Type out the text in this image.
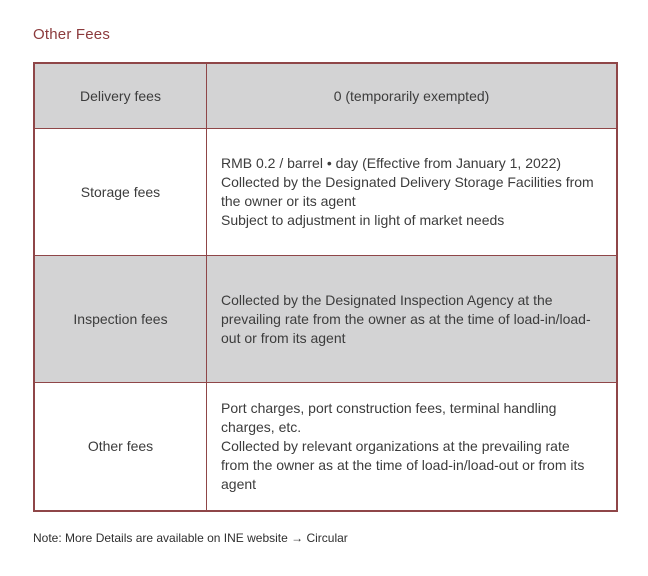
Other Fees
Delivery fees	0 (temporarily exempted)
Storage fees
RMB 0.2 / barrel • day (Effective from January 1, 2022)
Collected by the Designated Delivery Storage Facilities from the owner or its agent
Subject to adjustment in light of market needs
Inspection fees
Collected by the Designated Inspection Agency at the prevailing rate from the owner as at the time of load-in/load-out or from its agent
Other fees
Port charges, port construction fees, terminal handling charges, etc.
Collected by relevant organizations at the prevailing rate from the owner as at the time of load-in/load-out or from its agent
Note: More Details are available on INE website → Circular
